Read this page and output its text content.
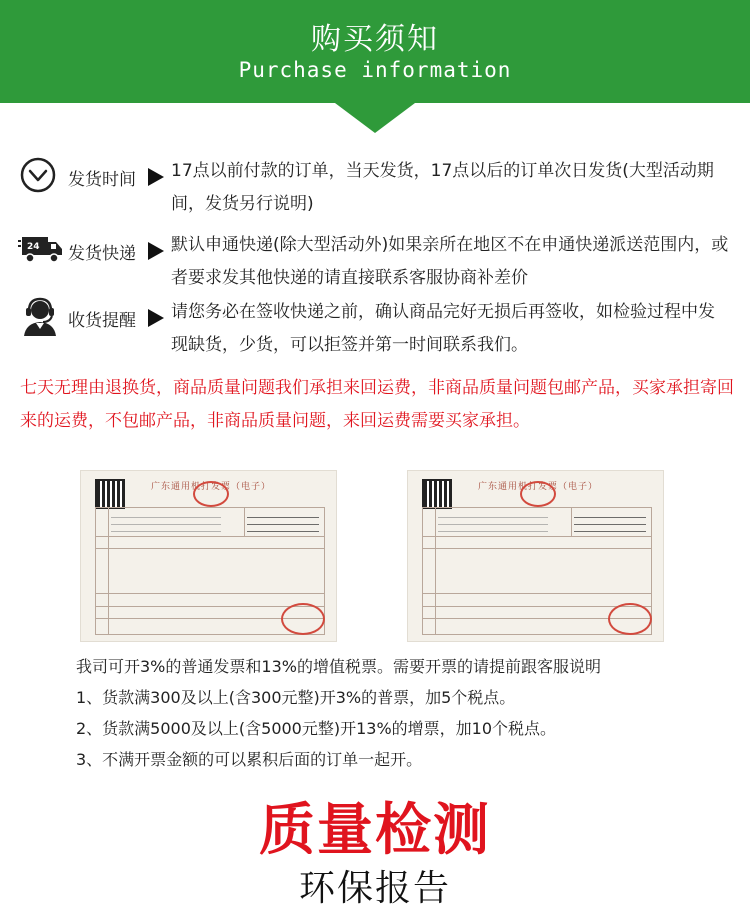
购买须知
Purchase information
发货时间 17点以前付款的订单，当天发货，17点以后的订单次日发货(大型活动期间，发货另行说明)
24 发货快递 默认申通快递(除大型活动外)如果亲所在地区不在申通快递派送范围内，或者要求发其他快递的请直接联系客服协商补差价
收货提醒 请您务必在签收快递之前，确认商品完好无损后再签收，如检验过程中发现缺货，少货，可以拒签并第一时间联系我们。
七天无理由退换货，商品质量问题我们承担来回运费，非商品质量问题包邮产品，买家承担寄回来的运费，不包邮产品，非商品质量问题，来回运费需要买家承担。
广东通用机打发票（电子）	广东通用机打发票（电子）
我司可开3%的普通发票和13%的增值税票。需要开票的请提前跟客服说明
1、货款满300及以上(含300元整)开3%的普票，加5个税点。
2、货款满5000及以上(含5000元整)开13%的增票，加10个税点。
3、不满开票金额的可以累积后面的订单一起开。
质量检测
环保报告
